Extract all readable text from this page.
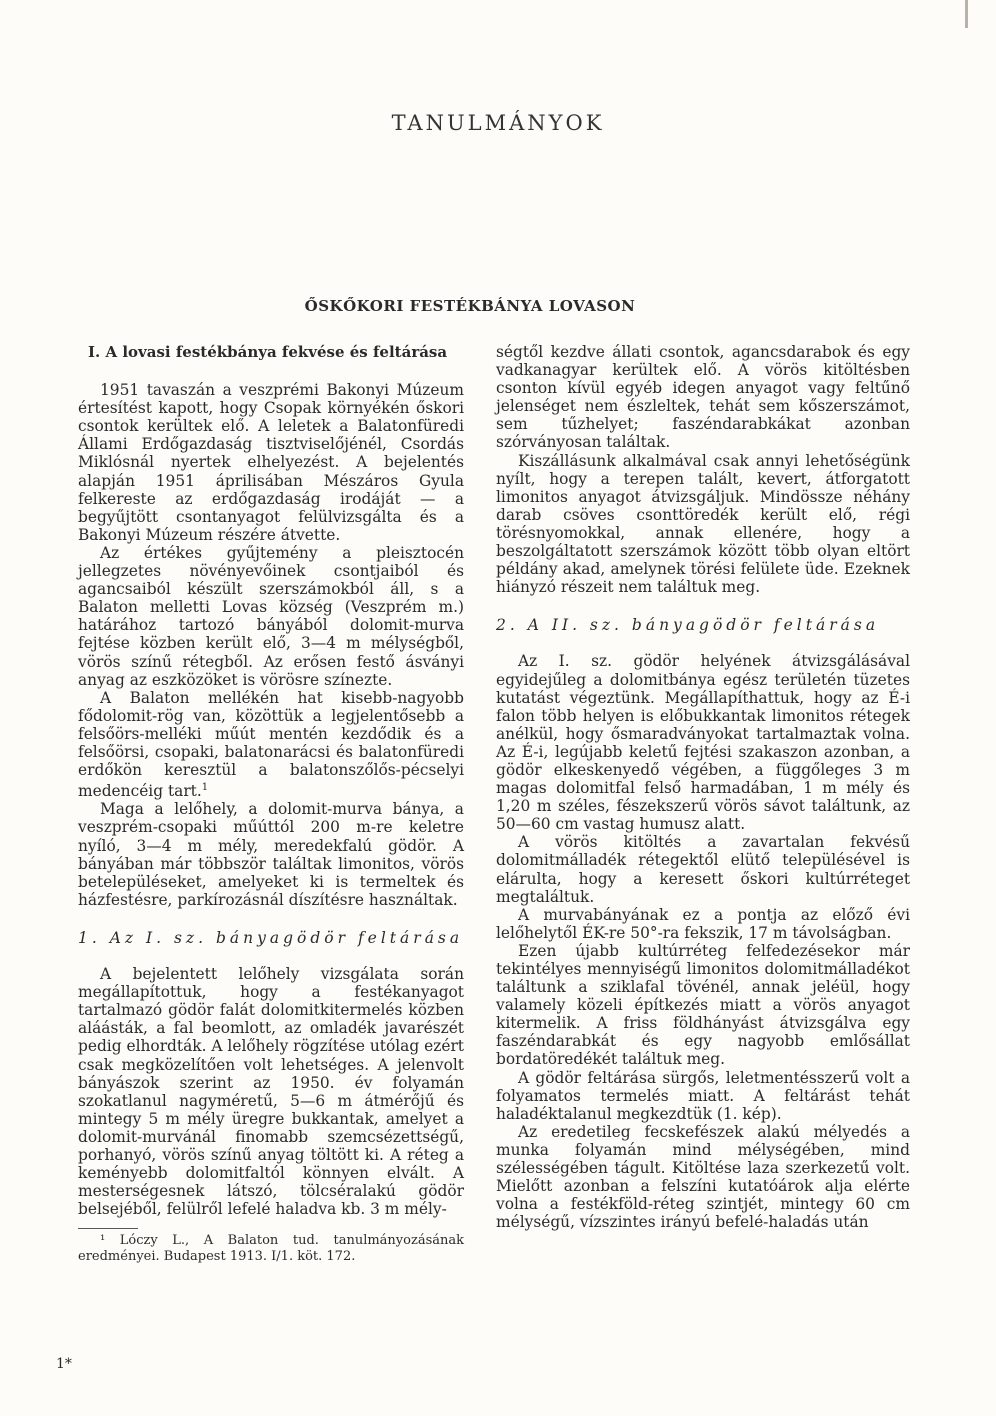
TANULMÁNYOK
ŐSKŐKORI FESTÉKBÁNYA LOVASON

I. A lovasi festékbánya fekvése és feltárása

1951 tavaszán a veszprémi Bakonyi Múzeum értesítést kapott, hogy Csopak környékén őskori csontok kerültek elő. A leletek a Balatonfüredi Állami Erdőgazdaság tisztviselőjénél, Csordás Miklósnál nyertek elhelyezést. A bejelentés alapján 1951 áprilisában Mészáros Gyula felkereste az erdőgazdaság irodáját — a begyűjtött csontanyagot felülvizsgálta és a Bakonyi Múzeum részére átvette.

Az értékes gyűjtemény a pleisztocén jellegzetes növényevőinek csontjaiból és agancsaiból készült szerszámokból áll, s a Balaton melletti Lovas község (Veszprém m.) határához tartozó bányából dolomit-murva fejtése közben került elő, 3—4 m mélységből, vörös színű rétegből. Az erősen festő ásványi anyag az eszközöket is vörösre színezte.

A Balaton mellékén hat kisebb-nagyobb fődolomit-rög van, közöttük a legjelentősebb a felsőörs-melléki műút mentén kezdődik és a felsőörsi, csopaki, balatonarácsi és balatonfüredi erdőkön keresztül a balatonszőlős-pécselyi medencéig tart.$^1$

Maga a lelőhely, a dolomit-murva bánya, a veszprém-csopaki műúttól 200 m-re keletre nyíló, 3—4 m mély, meredekfalú gödör. A bányában már többször találtak limonitos, vörös betelepüléseket, amelyeket ki is termeltek és házfestésre, parkírozásnál díszítésre használtak.

1. Az I. sz. bányagödör feltárása

A bejelentett lelőhely vizsgálata során megállapítottuk, hogy a festékanyagot tartalmazó gödör falát dolomitkitermelés közben aláásták, a fal beomlott, az omladék javarészét pedig elhordták. A lelőhely rögzítése utólag ezért csak megközelítően volt lehetséges. A jelenvolt bányászok szerint az 1950. év folyamán szokatlanul nagyméretű, 5—6 m átmérőjű és mintegy 5 m mély üregre bukkantak, amelyet a dolomit-murvánál finomabb szemcsézettségű, porhanyó, vörös színű anyag töltött ki. A réteg a keményebb dolomitfaltól könnyen elvált. A mesterségesnek látszó, tölcséralakú gödör belsejéből, felülről lefelé haladva kb. 3 m mély-

¹ Lóczy L., A Balaton tud. tanulmányozásának eredményei. Budapest 1913. I/1. köt. 172.

ségtől kezdve állati csontok, agancsdarabok és egy vadkanagyar kerültek elő. A vörös kitöltésben csonton kívül egyéb idegen anyagot vagy feltűnő jelenséget nem észleltek, tehát sem kőszerszámot, sem tűzhelyet; faszéndarabkákat azonban szórványosan találtak.

Kiszállásunk alkalmával csak annyi lehetőségünk nyílt, hogy a terepen talált, kevert, átforgatott limonitos anyagot átvizsgáljuk. Mindössze néhány darab csöves csonttöredék került elő, régi törésnyomokkal, annak ellenére, hogy a beszolgáltatott szerszámok között több olyan eltört példány akad, amelynek törési felülete üde. Ezeknek hiányzó részeit nem találtuk meg.

2. A II. sz. bányagödör feltárása

Az I. sz. gödör helyének átvizsgálásával egyidejűleg a dolomitbánya egész területén tüzetes kutatást végeztünk. Megállapíthattuk, hogy az É-i falon több helyen is előbukkantak limonitos rétegek anélkül, hogy ősmaradványokat tartalmaztak volna. Az É-i, legújabb keletű fejtési szakaszon azonban, a gödör elkeskenyedő végében, a függőleges 3 m magas dolomitfal felső harmadában, 1 m mély és 1,20 m széles, fészekszerű vörös sávot találtunk, az 50—60 cm vastag humusz alatt.

A vörös kitöltés a zavartalan fekvésű dolomitmálladék rétegektől elütő településével is elárulta, hogy a keresett őskori kultúrréteget megtaláltuk.

A murvabányának ez a pontja az előző évi lelőhelytől ÉK-re 50°-ra fekszik, 17 m távolságban.

Ezen újabb kultúrréteg felfedezésekor már tekintélyes mennyiségű limonitos dolomitmálladékot találtunk a sziklafal tövénél, annak jeléül, hogy valamely közeli építkezés miatt a vörös anyagot kitermelik. A friss földhányást átvizsgálva egy faszéndarabkát és egy nagyobb emlősállat bordatöredékét találtuk meg.

A gödör feltárása sürgős, leletmentésszerű volt a folyamatos termelés miatt. A feltárást tehát haladéktalanul megkezdtük (1. kép).

Az eredetileg fecskefészek alakú mélyedés a munka folyamán mind mélységében, mind szélességében tágult. Kitöltése laza szerkezetű volt. Mielőtt azonban a felszíni kutatóárok alja elérte volna a festékföld-réteg szintjét, mintegy 60 cm mélységű, vízszintes irányú befelé-haladás után

1*
